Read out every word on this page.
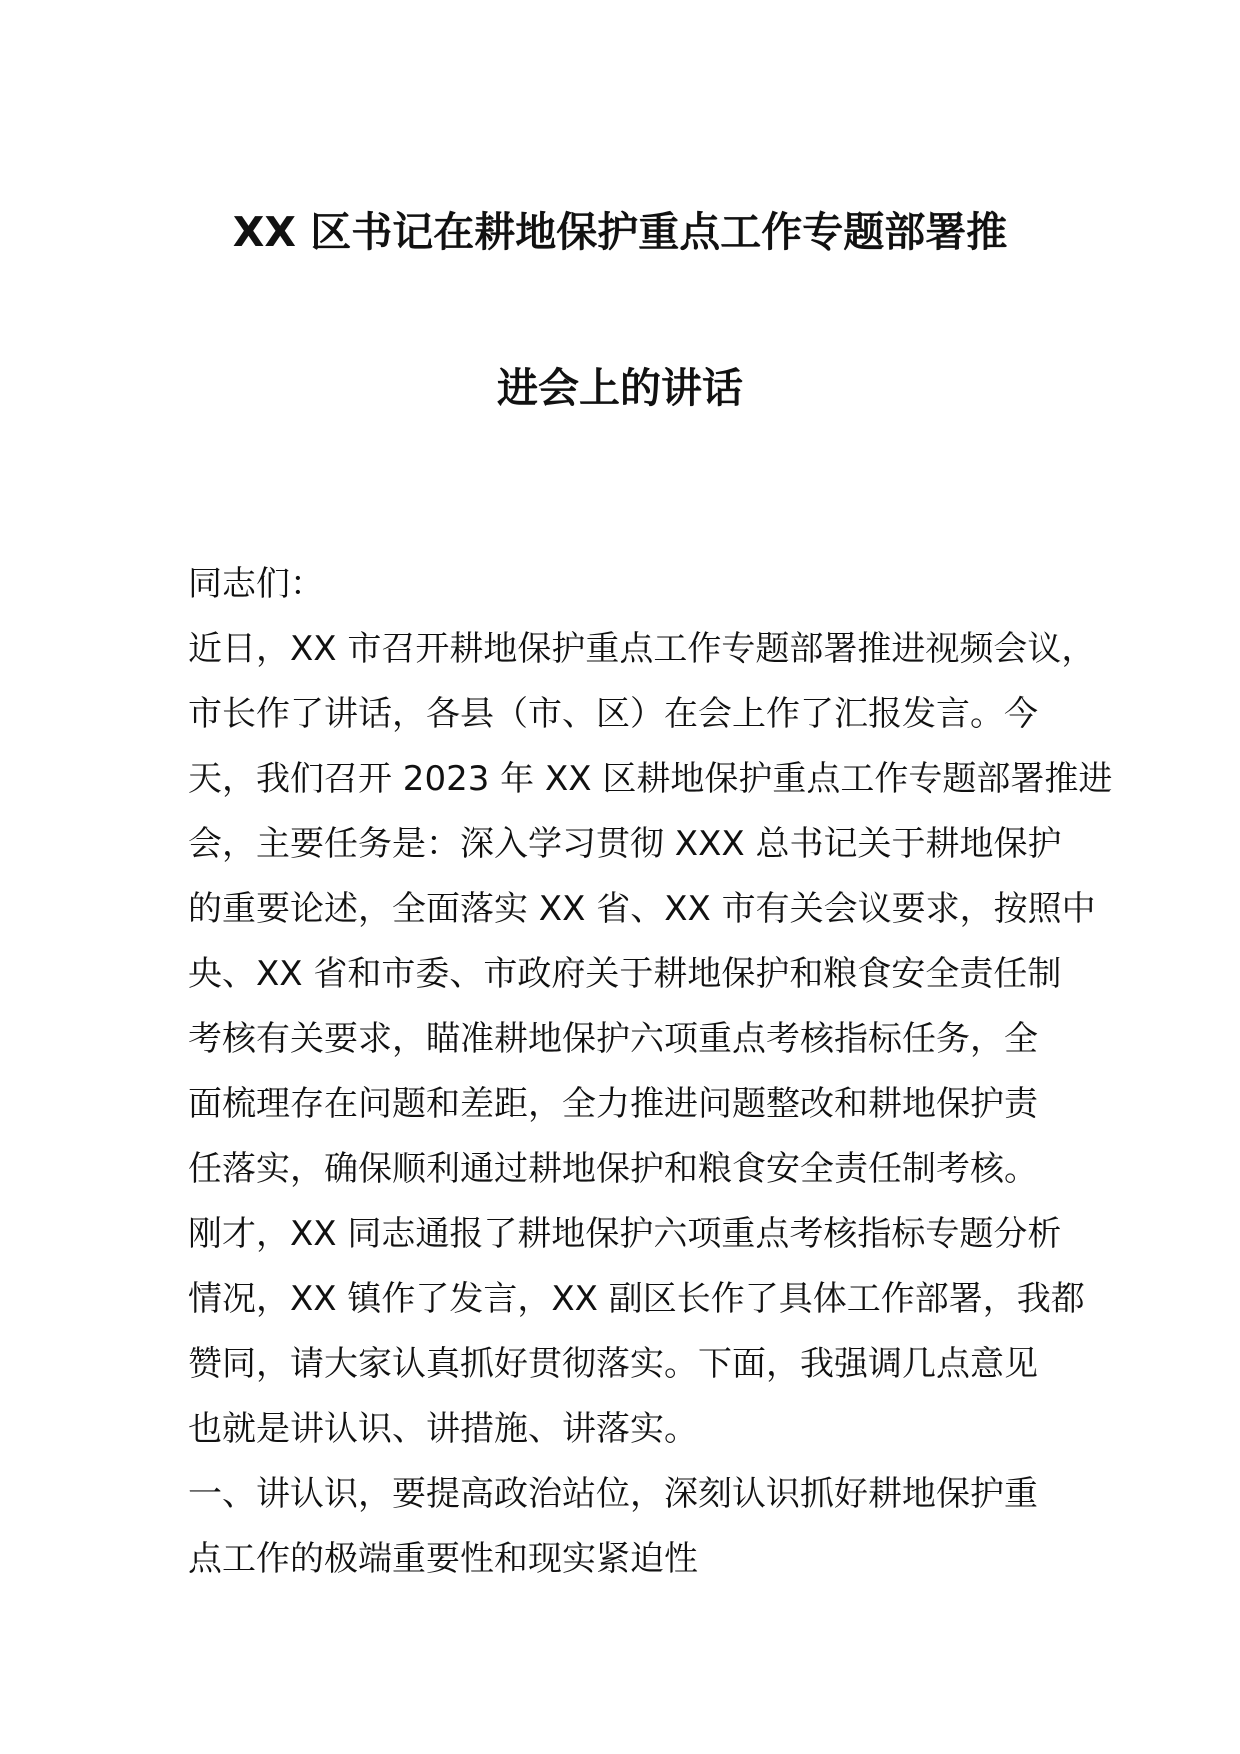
XX 区书记在耕地保护重点工作专题部署推
进会上的讲话
同志们：
近日，XX 市召开耕地保护重点工作专题部署推进视频会议，
市长作了讲话，各县（市、区）在会上作了汇报发言。今
天，我们召开 2023 年 XX 区耕地保护重点工作专题部署推进
会，主要任务是：深入学习贯彻 XXX 总书记关于耕地保护
的重要论述，全面落实 XX 省、XX 市有关会议要求，按照中
央、XX 省和市委、市政府关于耕地保护和粮食安全责任制
考核有关要求，瞄准耕地保护六项重点考核指标任务，全
面梳理存在问题和差距，全力推进问题整改和耕地保护责
任落实，确保顺利通过耕地保护和粮食安全责任制考核。
刚才，XX 同志通报了耕地保护六项重点考核指标专题分析
情况，XX 镇作了发言，XX 副区长作了具体工作部署，我都
赞同，请大家认真抓好贯彻落实。下面，我强调几点意见
也就是讲认识、讲措施、讲落实。
一、讲认识，要提高政治站位，深刻认识抓好耕地保护重
点工作的极端重要性和现实紧迫性
